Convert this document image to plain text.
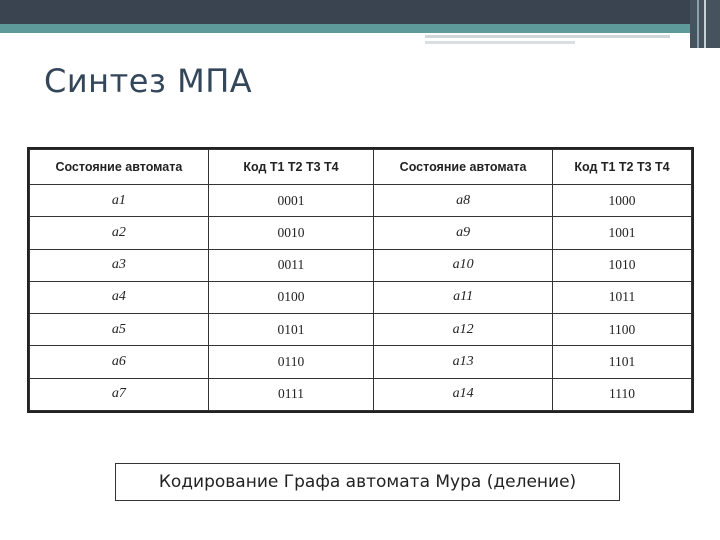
Синтез МПА
Состояние автомата	Код T1 T2 T3 T4	Состояние автомата	Код T1 T2 T3 T4
a1	0001	a8	1000
a2	0010	a9	1001
a3	0011	a10	1010
a4	0100	a11	1011
a5	0101	a12	1100
a6	0110	a13	1101
a7	0111	a14	1110
Кодирование Графа автомата Мура (деление)
